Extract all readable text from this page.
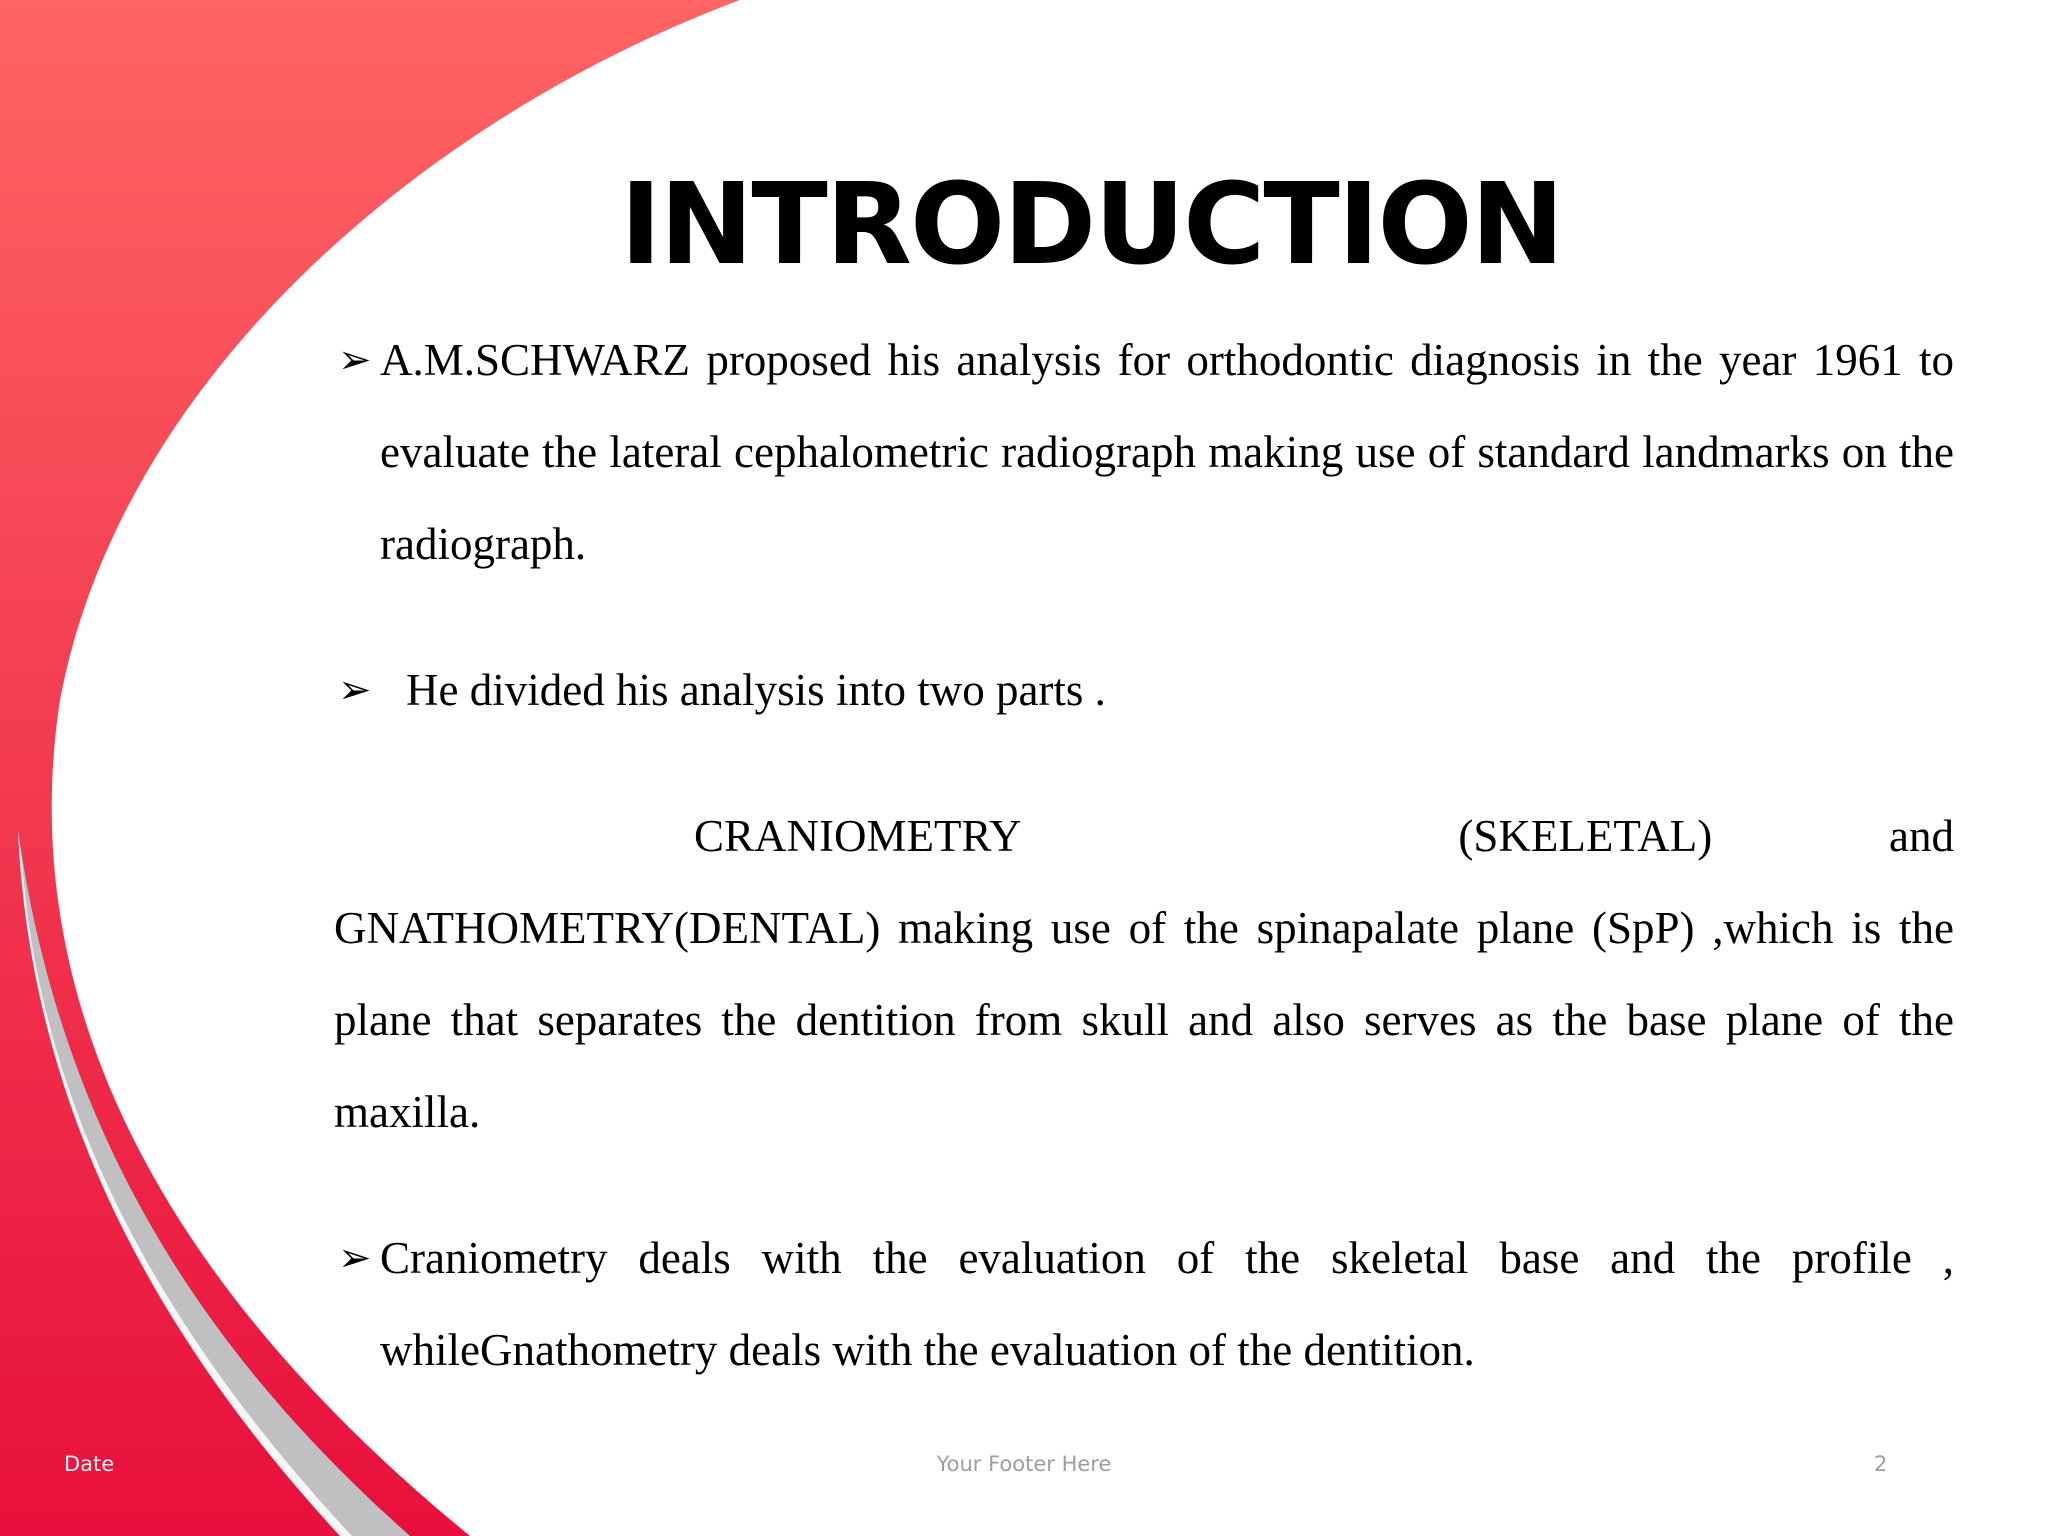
INTRODUCTION
➢ A.M.SCHWARZ proposed his analysis for orthodontic diagnosis in the year 1961 to evaluate the lateral cephalometric radiograph making use of standard landmarks on the radiograph.
➢ He divided his analysis into two parts .
CRANIOMETRY	(SKELETAL)	and
GNATHOMETRY(DENTAL) making use of the spinapalate plane (SpP) ,which is the plane that separates the dentition from skull and also serves as the base plane of the maxilla.
➢ Craniometry deals with the evaluation of the skeletal base and the profile , whileGnathometry deals with the evaluation of the dentition.
Date	Your Footer Here	2
